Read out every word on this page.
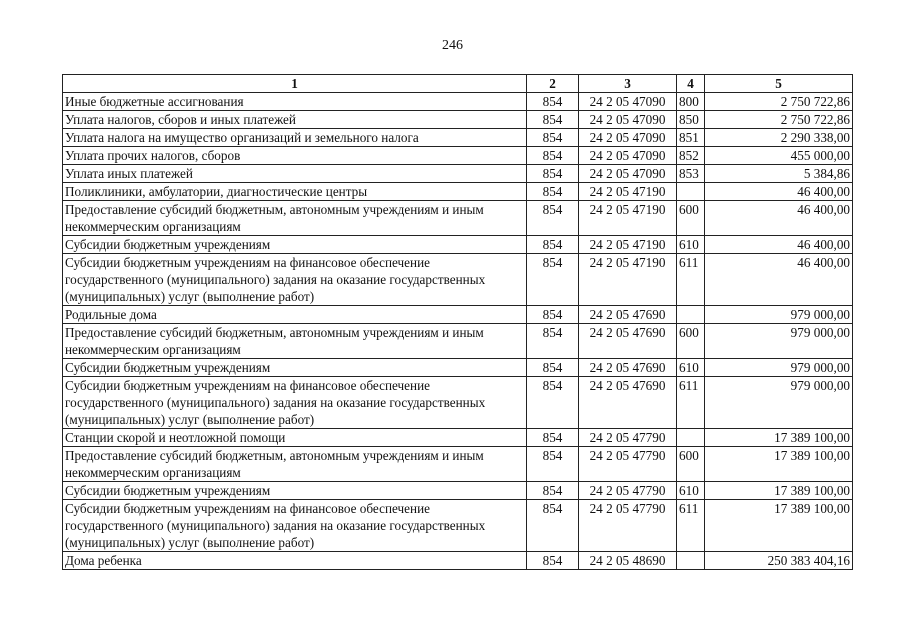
246
1	2	3	4	5
Иные бюджетные ассигнования	854	24 2 05 47090	800	2 750 722,86
Уплата налогов, сборов и иных платежей	854	24 2 05 47090	850	2 750 722,86
Уплата налога на имущество организаций и земельного налога	854	24 2 05 47090	851	2 290 338,00
Уплата прочих налогов, сборов	854	24 2 05 47090	852	455 000,00
Уплата иных платежей	854	24 2 05 47090	853	5 384,86
Поликлиники, амбулатории, диагностические центры	854	24 2 05 47190		46 400,00
Предоставление субсидий бюджетным, автономным учреждениям и иным некоммерческим организациям	854	24 2 05 47190	600	46 400,00
Субсидии бюджетным учреждениям	854	24 2 05 47190	610	46 400,00
Субсидии бюджетным учреждениям на финансовое обеспечение государственного (муниципального) задания на оказание государственных (муниципальных) услуг (выполнение работ)	854	24 2 05 47190	611	46 400,00
Родильные дома	854	24 2 05 47690		979 000,00
Предоставление субсидий бюджетным, автономным учреждениям и иным некоммерческим организациям	854	24 2 05 47690	600	979 000,00
Субсидии бюджетным учреждениям	854	24 2 05 47690	610	979 000,00
Субсидии бюджетным учреждениям на финансовое обеспечение государственного (муниципального) задания на оказание государственных (муниципальных) услуг (выполнение работ)	854	24 2 05 47690	611	979 000,00
Станции скорой и неотложной помощи	854	24 2 05 47790		17 389 100,00
Предоставление субсидий бюджетным, автономным учреждениям и иным некоммерческим организациям	854	24 2 05 47790	600	17 389 100,00
Субсидии бюджетным учреждениям	854	24 2 05 47790	610	17 389 100,00
Субсидии бюджетным учреждениям на финансовое обеспечение государственного (муниципального) задания на оказание государственных (муниципальных) услуг (выполнение работ)	854	24 2 05 47790	611	17 389 100,00
Дома ребенка	854	24 2 05 48690		250 383 404,16
